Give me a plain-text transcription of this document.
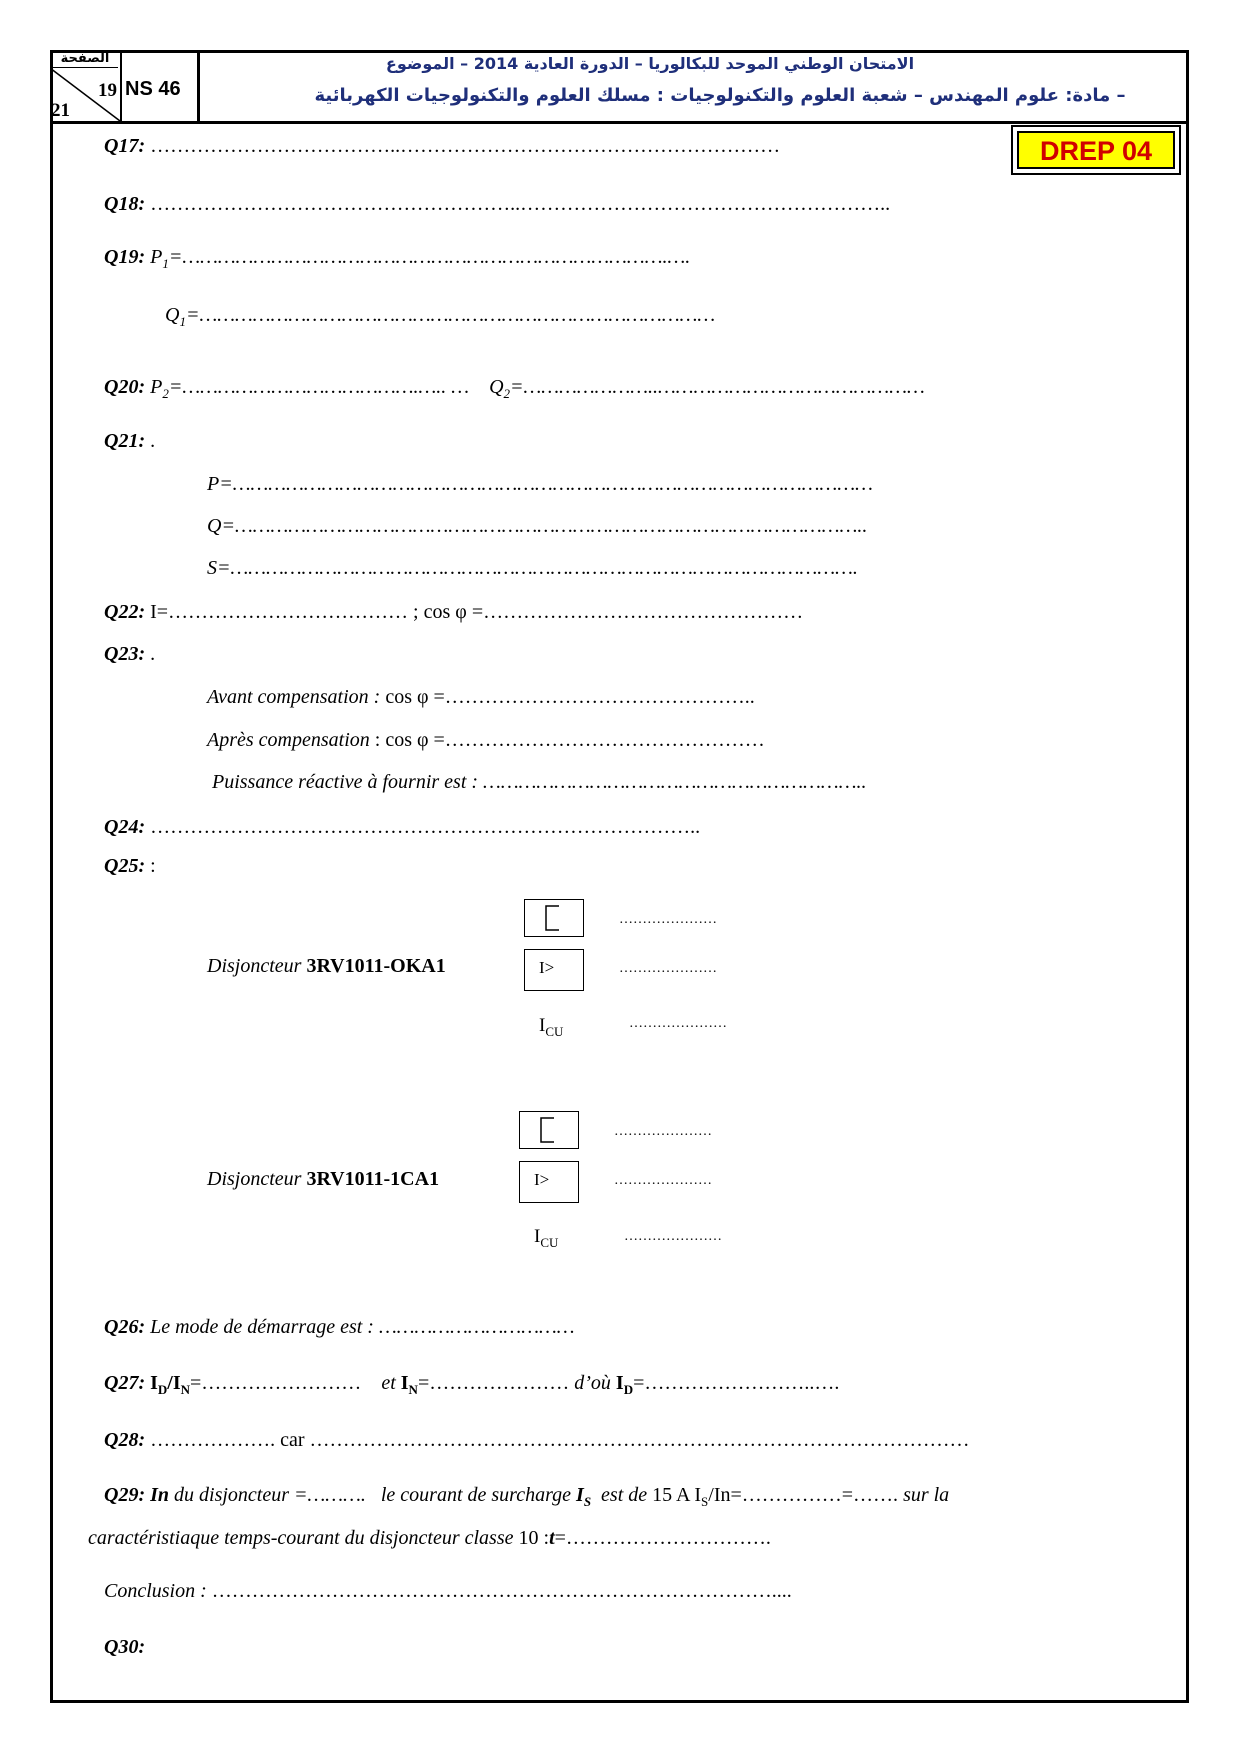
الصفحة
19
21
NS 46
الامتحان الوطني الموحد للبكالوريا – الدورة العادية 2014 – الموضوع
– مادة: علوم المهندس – شعبة العلوم والتكنولوجيات : مسلك العلوم والتكنولوجيات الكهربائية
DREP 04
Q17: ………………………………..…………………………………………………
Q18: ………………………………………………..………………………………………………..
Q19: $P_1=\dots\dots\dots\dots\dots\dots\dots\dots\dots\dots\dots\dots\dots\dots\dots\dots\dots\dots\dots\dots\dots\dots\dots\dots\dots\dots\dots.\dots$.
$Q_1=\dots\dots\dots\dots\dots\dots\dots\dots\dots\dots\dots\dots\dots\dots\dots\dots\dots\dots\dots\dots\dots\dots\dots\dots\dots\dots\dots\dots\dots$
Q20: $P_2=\dots\dots\dots\dots\dots\dots\dots\dots\dots\dots\dots\dots\dots.\dots$.. … $Q_2=\dots\dots\dots\dots\dots\dots\dots..\dots\dots\dots\dots\dots\dots\dots\dots\dots\dots\dots\dots\dots\dots\dots$
Q21: .
P=………………………………………………………………………………………………
Q=……………………………………………………………………………………………..
S=…………………………………………………………………………………………….
Q22: I=……………………………… ; cos φ =…………………………………………
Q23: .
Avant compensation : cos φ =………………………………………..
Après compensation : cos φ =…………………………………………
Puissance réactive à fournir est : ………………………………………………………..
Q24: ………………………………………………………………………..
Q25: :
I>
Disjoncteur 3RV1011-OKA1
$I_{CU}$
…………………
…………………
…………………
I>
Disjoncteur 3RV1011-1CA1
$I_{CU}$
…………………
…………………
…………………
Q26: Le mode de démarrage est : ……………………………
Q27: $I_D/I_N=\dots\dots\dots\dots\dots\dots\dots\dots$ et $I_N=\dots\dots\dots\dots\dots\dots\dots$ d’où $I_D=\dots\dots\dots\dots\dots\dots\dots\dots..\dots$.
Q28: ………………. car ………………………………………………………………………………………
Q29: In du disjoncteur =……….   le courant de surcharge $I_S$  est de 15 A $I_S/In=\dots\dots\dots\dots\dots=\dots\dots$. sur la
caractéristiaque temps-courant du disjoncteur classe 10 :t=………………………….
Conclusion : …………………………………………………………………………....
Q30:
